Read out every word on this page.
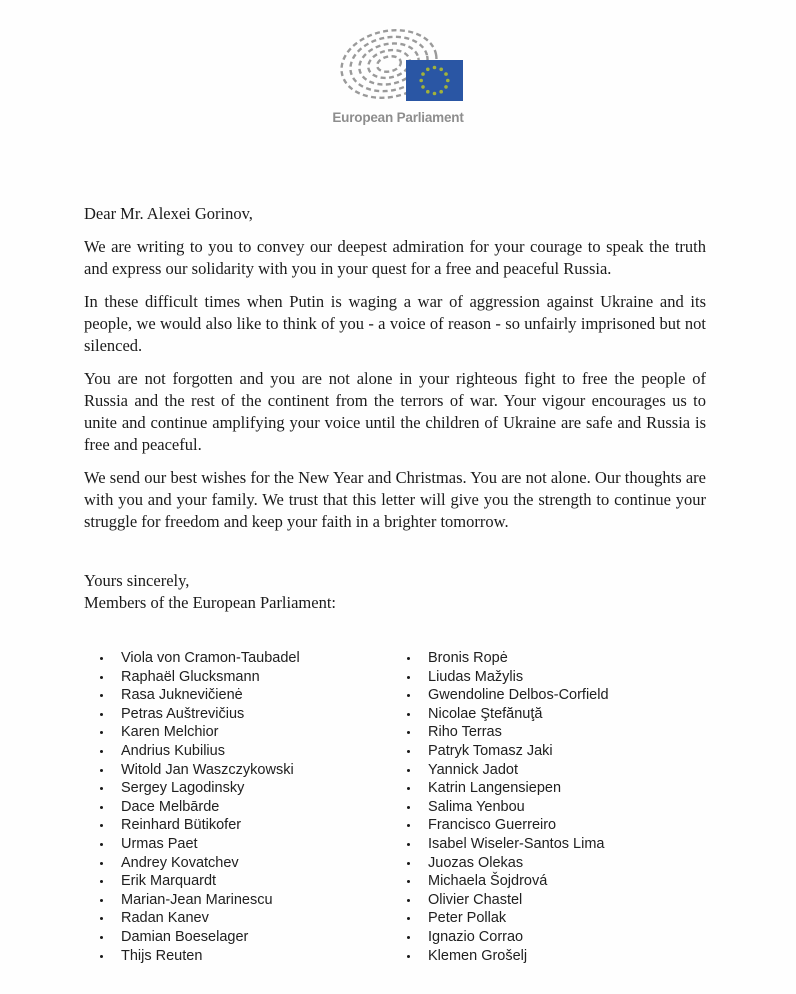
European Parliament

Dear Mr. Alexei Gorinov,

We are writing to you to convey our deepest admiration for your courage to speak the truth and express our solidarity with you in your quest for a free and peaceful Russia.

In these difficult times when Putin is waging a war of aggression against Ukraine and its people, we would also like to think of you - a voice of reason - so unfairly imprisoned but not silenced.

You are not forgotten and you are not alone in your righteous fight to free the people of Russia and the rest of the continent from the terrors of war. Your vigour encourages us to unite and continue amplifying your voice until the children of Ukraine are safe and Russia is free and peaceful.

We send our best wishes for the New Year and Christmas. You are not alone. Our thoughts are with you and your family. We trust that this letter will give you the strength to continue your struggle for freedom and keep your faith in a brighter tomorrow.

Yours sincerely,

Members of the European Parliament:

• Viola von Cramon-Taubadel
• Raphaël Glucksmann
• Rasa Juknevičienė
• Petras Auštrevičius
• Karen Melchior
• Andrius Kubilius
• Witold Jan Waszczykowski
• Sergey Lagodinsky
• Dace Melbārde
• Reinhard Bütikofer
• Urmas Paet
• Andrey Kovatchev
• Erik Marquardt
• Marian-Jean Marinescu
• Radan Kanev
• Damian Boeselager
• Thijs Reuten
• Bronis Ropė
• Liudas Mažylis
• Gwendoline Delbos-Corfield
• Nicolae Ştefănuţă
• Riho Terras
• Patryk Tomasz Jaki
• Yannick Jadot
• Katrin Langensiepen
• Salima Yenbou
• Francisco Guerreiro
• Isabel Wiseler-Santos Lima
• Juozas Olekas
• Michaela Šojdrová
• Olivier Chastel
• Peter Pollak
• Ignazio Corrao
• Klemen Grošelj
